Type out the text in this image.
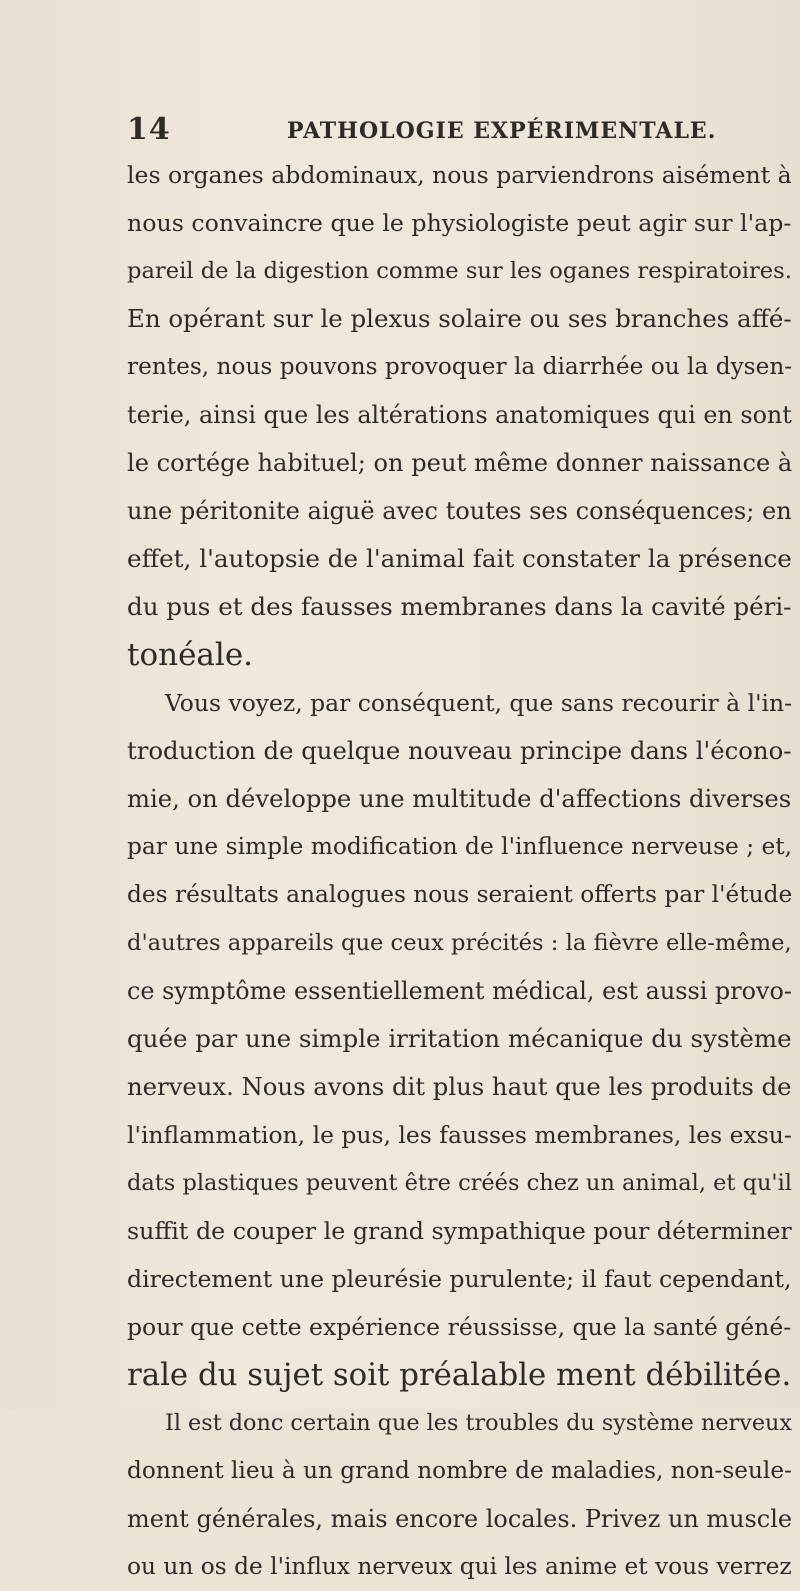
14	PATHOLOGIE EXPÉRIMENTALE.
les organes abdominaux, nous parviendrons aisément à
nous convaincre que le physiologiste peut agir sur l'ap-
pareil de la digestion comme sur les oganes respiratoires.
En opérant sur le plexus solaire ou ses branches affé-
rentes, nous pouvons provoquer la diarrhée ou la dysen-
terie, ainsi que les altérations anatomiques qui en sont
le cortége habituel; on peut même donner naissance à
une péritonite aiguë avec toutes ses conséquences; en
effet, l'autopsie de l'animal fait constater la présence
du pus et des fausses membranes dans la cavité péri-
tonéale.
Vous voyez, par conséquent, que sans recourir à l'in-
troduction de quelque nouveau principe dans l'écono-
mie, on développe une multitude d'affections diverses
par une simple modification de l'influence nerveuse ; et,
des résultats analogues nous seraient offerts par l'étude
d'autres appareils que ceux précités : la fièvre elle-même,
ce symptôme essentiellement médical, est aussi provo-
quée par une simple irritation mécanique du système
nerveux. Nous avons dit plus haut que les produits de
l'inflammation, le pus, les fausses membranes, les exsu-
dats plastiques peuvent être créés chez un animal, et qu'il
suffit de couper le grand sympathique pour déterminer
directement une pleurésie purulente; il faut cependant,
pour que cette expérience réussisse, que la santé géné-
rale du sujet soit préalable ment débilitée.
Il est donc certain que les troubles du système nerveux
donnent lieu à un grand nombre de maladies, non-seule-
ment générales, mais encore locales. Privez un muscle
ou un os de l'influx nerveux qui les anime et vous verrez
